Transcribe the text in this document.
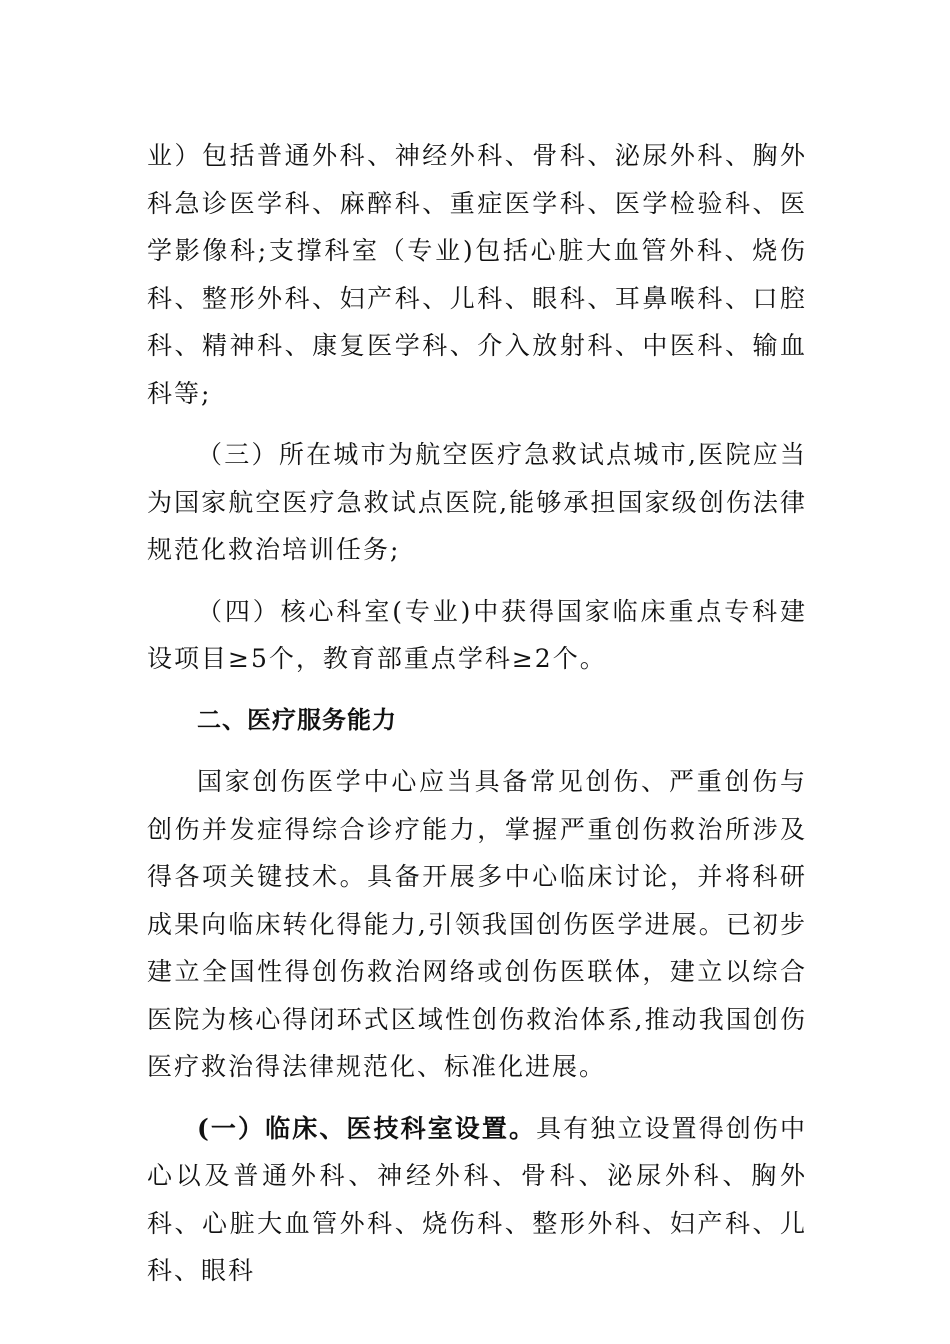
业）包括普通外科、神经外科、骨科、泌尿外科、胸外科急诊医学科、麻醉科、重症医学科、医学检验科、医学影像科;支撑科室（专业)包括心脏大血管外科、烧伤科、整形外科、妇产科、儿科、眼科、耳鼻喉科、口腔科、精神科、康复医学科、介入放射科、中医科、输血科等;

（三）所在城市为航空医疗急救试点城市,医院应当为国家航空医疗急救试点医院,能够承担国家级创伤法律规范化救治培训任务;

（四）核心科室(专业)中获得国家临床重点专科建设项目≥5个，教育部重点学科≥2个。

二、医疗服务能力

国家创伤医学中心应当具备常见创伤、严重创伤与创伤并发症得综合诊疗能力，掌握严重创伤救治所涉及得各项关键技术。具备开展多中心临床讨论，并将科研成果向临床转化得能力,引领我国创伤医学进展。已初步建立全国性得创伤救治网络或创伤医联体，建立以综合医院为核心得闭环式区域性创伤救治体系,推动我国创伤医疗救治得法律规范化、标准化进展。

(一）临床、医技科室设置。具有独立设置得创伤中心以及普通外科、神经外科、骨科、泌尿外科、胸外科、心脏大血管外科、烧伤科、整形外科、妇产科、儿科、眼科
